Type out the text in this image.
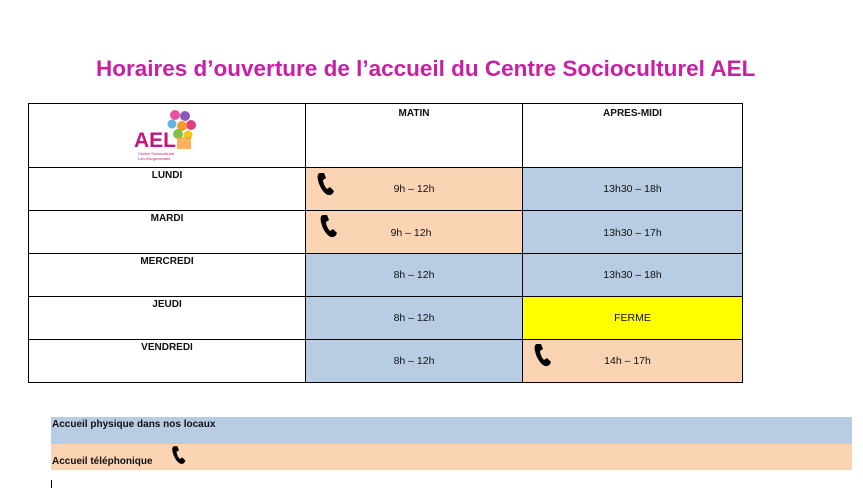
Horaires d’ouverture de l’accueil du Centre Socioculturel AEL
AEL
Centre Socioculturel
Lan d'Argentoratix	MATIN	APRES-MIDI

LUNDI	9h – 12h	13h30 – 18h

MARDI	9h – 12h	13h30 – 17h

MERCREDI	8h – 12h	13h30 – 18h

JEUDI	8h – 12h	FERME

VENDREDI	8h – 12h	14h – 17h
Accueil physique dans nos locaux
Accueil téléphonique
